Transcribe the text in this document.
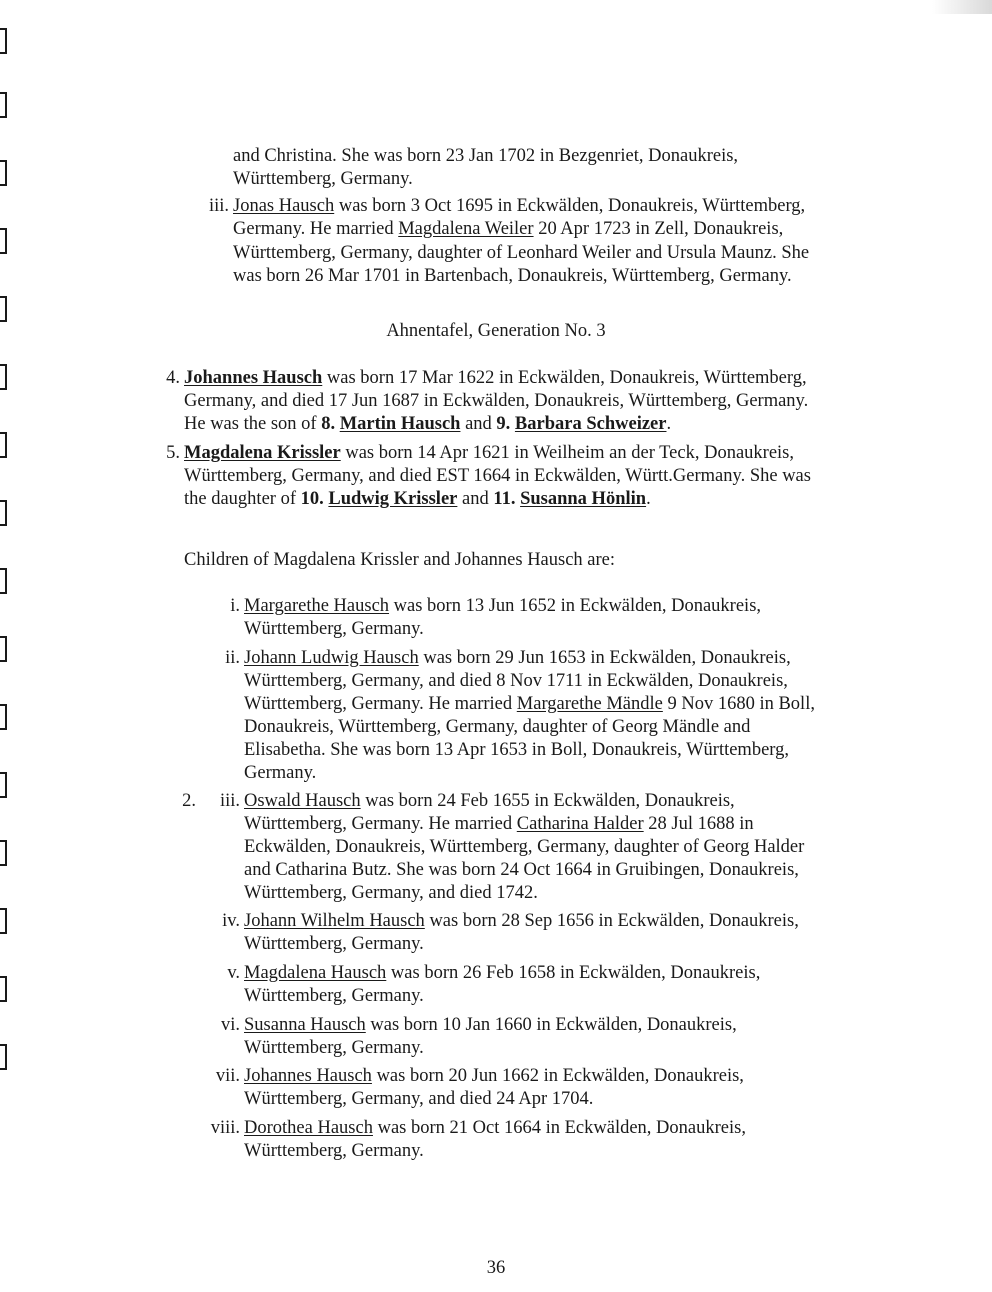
and Christina. She was born 23 Jan 1702 in Bezgenriet, Donaukreis,
Württemberg, Germany.
iii. Jonas Hausch was born 3 Oct 1695 in Eckwälden, Donaukreis, Württemberg,
Germany. He married Magdalena Weiler 20 Apr 1723 in Zell, Donaukreis,
Württemberg, Germany, daughter of Leonhard Weiler and Ursula Maunz. She
was born 26 Mar 1701 in Bartenbach, Donaukreis, Württemberg, Germany.
Ahnentafel, Generation No. 3
4. Johannes Hausch was born 17 Mar 1622 in Eckwälden, Donaukreis, Württemberg,
Germany, and died 17 Jun 1687 in Eckwälden, Donaukreis, Württemberg, Germany.
He was the son of 8. Martin Hausch and 9. Barbara Schweizer.
5. Magdalena Krissler was born 14 Apr 1621 in Weilheim an der Teck, Donaukreis,
Württemberg, Germany, and died EST 1664 in Eckwälden, Württ.Germany. She was
the daughter of 10. Ludwig Krissler and 11. Susanna Hönlin.
Children of Magdalena Krissler and Johannes Hausch are:
i. Margarethe Hausch was born 13 Jun 1652 in Eckwälden, Donaukreis,
Württemberg, Germany.
ii. Johann Ludwig Hausch was born 29 Jun 1653 in Eckwälden, Donaukreis,
Württemberg, Germany, and died 8 Nov 1711 in Eckwälden, Donaukreis,
Württemberg, Germany. He married Margarethe Mändle 9 Nov 1680 in Boll,
Donaukreis, Württemberg, Germany, daughter of Georg Mändle and
Elisabetha. She was born 13 Apr 1653 in Boll, Donaukreis, Württemberg,
Germany.
2.	iii. Oswald Hausch was born 24 Feb 1655 in Eckwälden, Donaukreis,
Württemberg, Germany. He married Catharina Halder 28 Jul 1688 in
Eckwälden, Donaukreis, Württemberg, Germany, daughter of Georg Halder
and Catharina Butz. She was born 24 Oct 1664 in Gruibingen, Donaukreis,
Württemberg, Germany, and died 1742.
iv. Johann Wilhelm Hausch was born 28 Sep 1656 in Eckwälden, Donaukreis,
Württemberg, Germany.
v. Magdalena Hausch was born 26 Feb 1658 in Eckwälden, Donaukreis,
Württemberg, Germany.
vi. Susanna Hausch was born 10 Jan 1660 in Eckwälden, Donaukreis,
Württemberg, Germany.
vii. Johannes Hausch was born 20 Jun 1662 in Eckwälden, Donaukreis,
Württemberg, Germany, and died 24 Apr 1704.
viii. Dorothea Hausch was born 21 Oct 1664 in Eckwälden, Donaukreis,
Württemberg, Germany.
36
